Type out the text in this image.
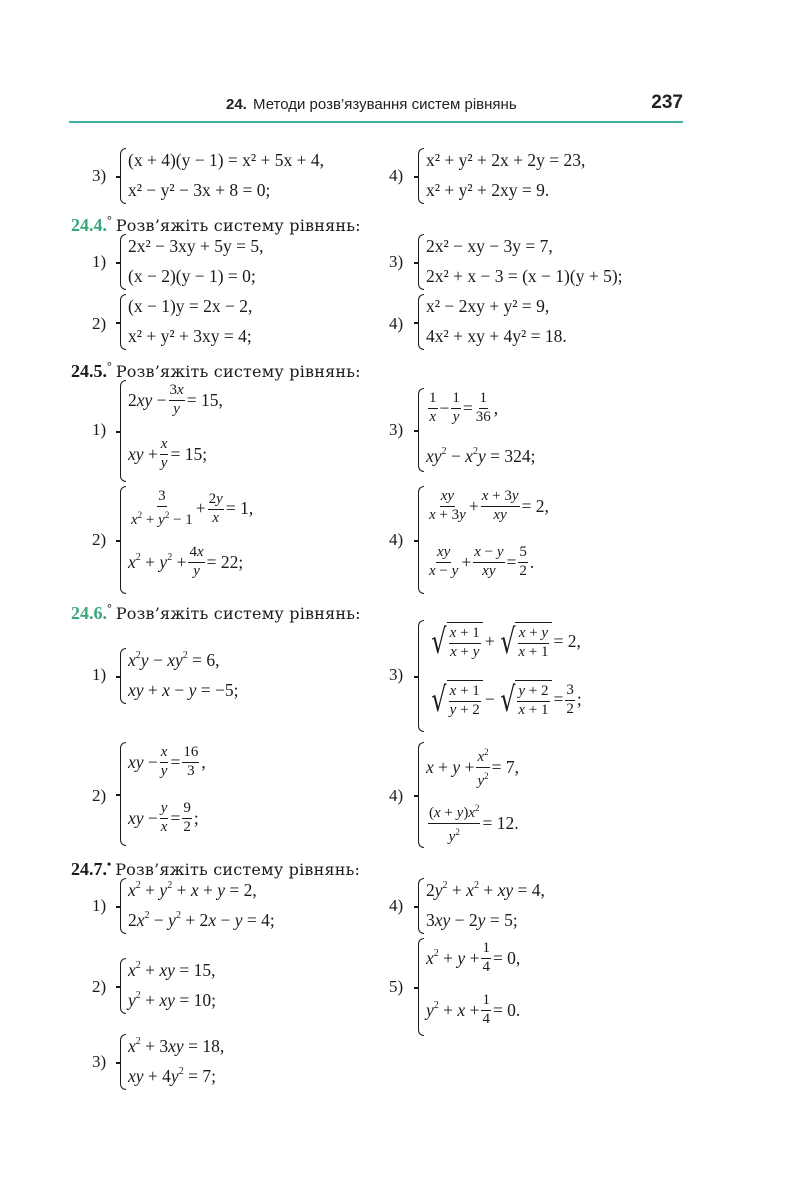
24. Методи розв’язування систем рівнянь	237
3)
(x + 4)(y − 1) = x² + 5x + 4,
x² − y² − 3x + 8 = 0;
4)
x² + y² + 2x + 2y = 23,
x² + y² + 2xy = 9.
24.4.° Розв’яжіть систему рівнянь:
1)
2x² − 3xy + 5y = 5,
(x − 2)(y − 1) = 0;
3)
2x² − xy − 3y = 7,
2x² + x − 3 = (x − 1)(y + 5);
2)
(x − 1)y = 2x − 2,
x² + y² + 3xy = 4;
4)
x² − 2xy + y² = 9,
4x² + xy + 4y² = 18.
24.5.° Розв’яжіть систему рівнянь:
1)
$2xy - \frac{3x}{y} = 15$,
xy + $\frac{x}{y} = 15$;
3)
1
$x - \frac{1}{y} = \frac{1}{36}$ ,
$xy^2 - x^2y = 324$;
2)
3
$x^2 + y^2 - 1$
+ $\frac{2y}{x} = 1$,
$x^2 + y^2 + \frac{4x}{y} = 22$;
4)
xy
$x + 3y + \frac{x + 3y}{xy} = 2$,
xy
$x - y + \frac{x - y}{xy} = \frac{5}{2}$ .
24.6.° Розв’яжіть систему рівнянь:
1)
$x^2y - xy^2 = 6$,
xy + x − y = −5;
3)
√ $\frac{x + 1}{x + y}$ + √ $\frac{x + y}{x + 1} = 2$,
√ $\frac{x + 1}{y + 2}$ − √ $\frac{y + 2}{x + 1} = \frac{3}{2}$ ;
2)
xy − $\frac{x}{y} = \frac{16}{3}$ ,
xy − $\frac{y}{x} = \frac{9}{2}$ ;
4)
$x + y + \frac{x^2}{y^2} = 7$,
$\frac{(x + y)x^2}{y^2} = 12$.
24.7.• Розв’яжіть систему рівнянь:
1)
$x^2 + y^2 + x + y = 2$,
$2x^2 - y^2 + 2x - y = 4$;
4)
$2y^2 + x^2$ + xy = 4,
3xy − 2y = 5;
2)
$x^2$ + xy = 15,
$y^2$ + xy = 10;
5)
$x^2 + y + \frac{1}{4} = 0$,
$y^2 + x + \frac{1}{4} = 0$.
3)
$x^2 + 3xy = 18$,
xy + $4y^2 = 7$;
